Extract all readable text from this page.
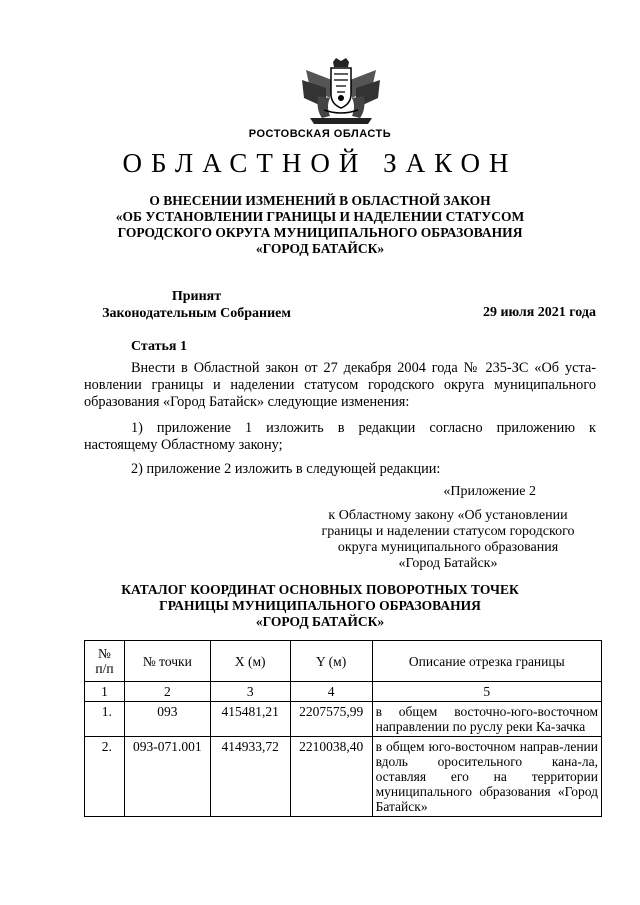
РОСТОВСКАЯ ОБЛАСТЬ
ОБЛАСТНОЙ ЗАКОН
О ВНЕСЕНИИ ИЗМЕНЕНИЙ В ОБЛАСТНОЙ ЗАКОН
«ОБ УСТАНОВЛЕНИИ ГРАНИЦЫ И НАДЕЛЕНИИ СТАТУСОМ
ГОРОДСКОГО ОКРУГА МУНИЦИПАЛЬНОГО ОБРАЗОВАНИЯ
«ГОРОД БАТАЙСК»
Принят
Законодательным Собранием	29 июля 2021 года
Статья 1
Внести в Областной закон от 27 декабря 2004 года № 235-ЗС «Об уста-
новлении границы и наделении статусом городского округа муниципального
образования «Город Батайск» следующие изменения:
1) приложение 1 изложить в редакции согласно приложению к
настоящему Областному закону;
2) приложение 2 изложить в следующей редакции:
«Приложение 2
к Областному закону «Об установлении
границы и наделении статусом городского
округа муниципального образования
«Город Батайск»
КАТАЛОГ КООРДИНАТ ОСНОВНЫХ ПОВОРОТНЫХ ТОЧЕК
ГРАНИЦЫ МУНИЦИПАЛЬНОГО ОБРАЗОВАНИЯ
«ГОРОД БАТАЙСК»
№
п/п	№ точки	X (м)	Y (м)	Описание отрезка границы
1	2	3	4	5
1.	093	415481,21	2207575,99	в общем восточно-юго-восточном направлении по руслу реки Ка-зачка
2.	093-071.001	414933,72	2210038,40	в общем юго-восточном направ-лении вдоль оросительного кана-ла, оставляя его на территории муниципального образования «Город Батайск»
